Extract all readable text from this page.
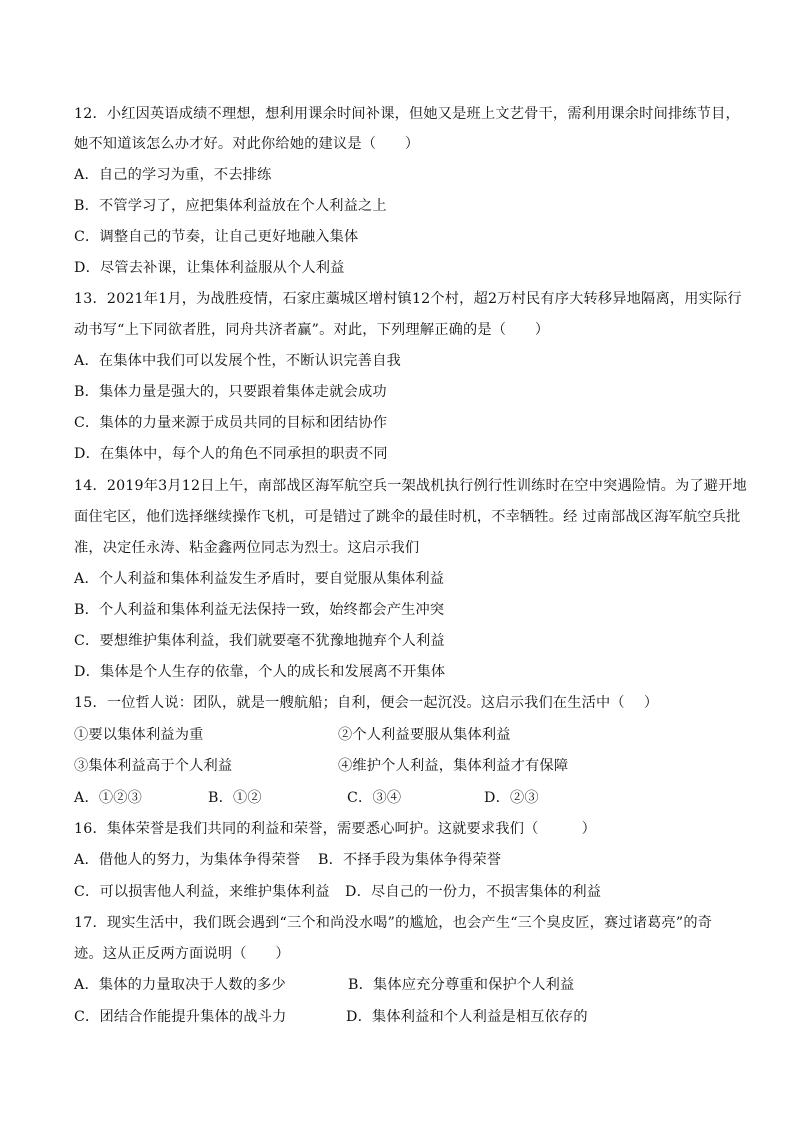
12．小红因英语成绩不理想，想利用课余时间补课，但她又是班上文艺骨干，需利用课余时间排练节目，
她不知道该怎么办才好。对此你给她的建议是（　　）
A．自己的学习为重，不去排练
B．不管学习了，应把集体利益放在个人利益之上
C．调整自己的节奏，让自己更好地融入集体
D．尽管去补课，让集体利益服从个人利益
13．2021年1月，为战胜疫情，石家庄藁城区增村镇12个村，超2万村民有序大转移异地隔离，用实际行
动书写“上下同欲者胜，同舟共济者赢”。对此，下列理解正确的是（　　）
A．在集体中我们可以发展个性，不断认识完善自我
B．集体力量是强大的，只要跟着集体走就会成功
C．集体的力量来源于成员共同的目标和团结协作
D．在集体中，每个人的角色不同承担的职责不同
14．2019年3月12日上午，南部战区海军航空兵一架战机执行例行性训练时在空中突遇险情。为了避开地
面住宅区，他们选择继续操作飞机，可是错过了跳伞的最佳时机，不幸牺牲。经 过南部战区海军航空兵批
准，决定任永涛、粘金鑫两位同志为烈士。这启示我们
A．个人利益和集体利益发生矛盾时，要自觉服从集体利益
B．个人利益和集体利益无法保持一致，始终都会产生冲突
C．要想维护集体利益，我们就要毫不犹豫地抛弃个人利益
D．集体是个人生存的依靠，个人的成长和发展离不开集体
15．一位哲人说：团队，就是一艘航船；自利，便会一起沉没。这启示我们在生活中（　 ）
①要以集体利益为重	②个人利益要服从集体利益
③集体利益高于个人利益	④维护个人利益，集体利益才有保障
A．①②③	B．①②	C．③④	D．②③
16．集体荣誉是我们共同的利益和荣誉，需要悉心呵护。这就要求我们（　　　）
A．借他人的努力，为集体争得荣誉 B．不择手段为集体争得荣誉
C．可以损害他人利益，来维护集体利益 D．尽自己的一份力，不损害集体的利益
17．现实生活中，我们既会遇到“三个和尚没水喝”的尴尬，也会产生“三个臭皮匠，赛过诸葛亮”的奇
迹。这从正反两方面说明（　　）
A．集体的力量取决于人数的多少	B．集体应充分尊重和保护个人利益
C．团结合作能提升集体的战斗力	D．集体利益和个人利益是相互依存的
